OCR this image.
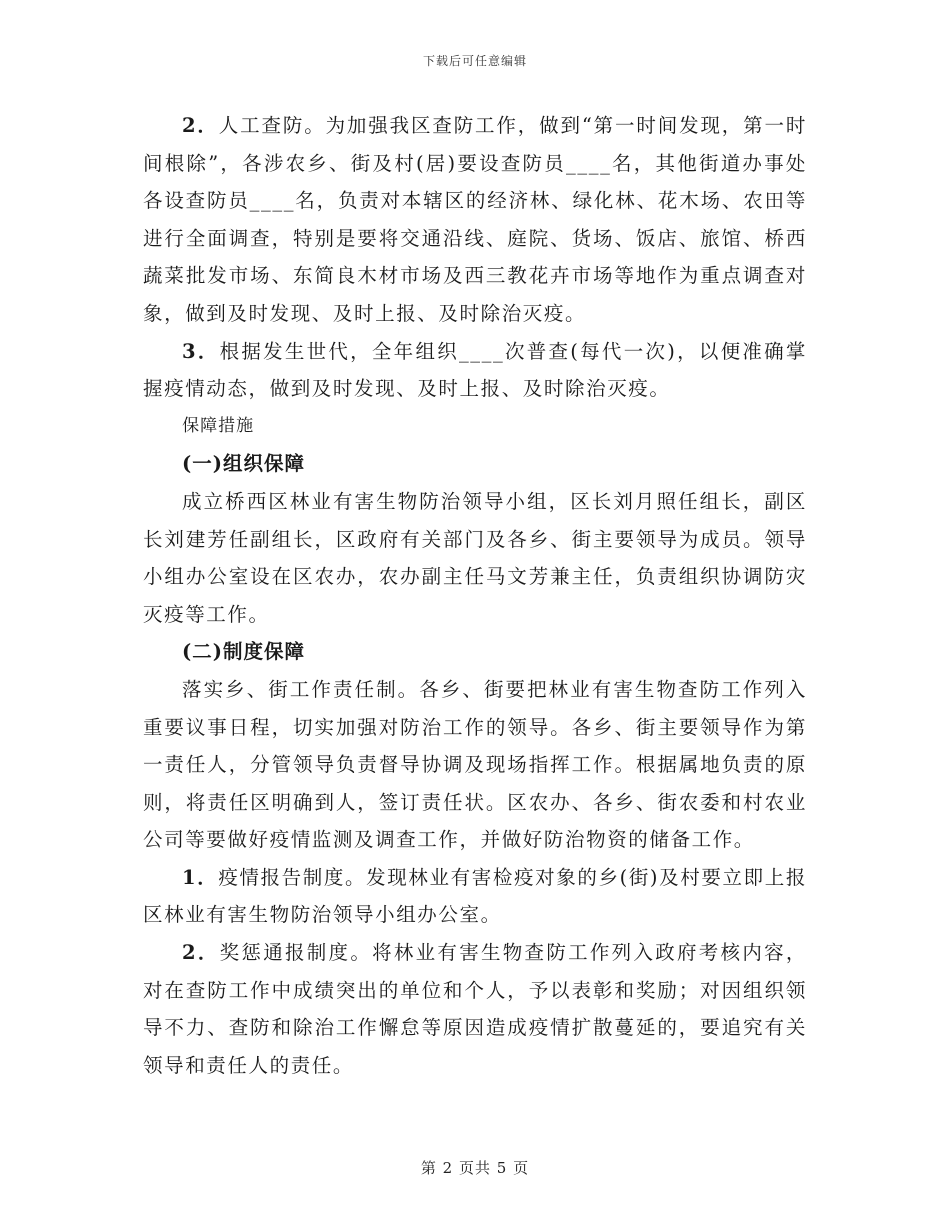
下载后可任意编辑

2．人工查防。为加强我区查防工作，做到“第一时间发现，第一时间根除”，各涉农乡、街及村(居)要设查防员____名，其他街道办事处各设查防员____名，负责对本辖区的经济林、绿化林、花木场、农田等进行全面调查，特别是要将交通沿线、庭院、货场、饭店、旅馆、桥西蔬菜批发市场、东简良木材市场及西三教花卉市场等地作为重点调查对象，做到及时发现、及时上报、及时除治灭疫。

3．根据发生世代，全年组织____次普查(每代一次)，以便准确掌握疫情动态，做到及时发现、及时上报、及时除治灭疫。

保障措施

(一)组织保障

成立桥西区林业有害生物防治领导小组，区长刘月照任组长，副区长刘建芳任副组长，区政府有关部门及各乡、街主要领导为成员。领导小组办公室设在区农办，农办副主任马文芳兼主任，负责组织协调防灾灭疫等工作。

(二)制度保障

落实乡、街工作责任制。各乡、街要把林业有害生物查防工作列入重要议事日程，切实加强对防治工作的领导。各乡、街主要领导作为第一责任人，分管领导负责督导协调及现场指挥工作。根据属地负责的原则，将责任区明确到人，签订责任状。区农办、各乡、街农委和村农业公司等要做好疫情监测及调查工作，并做好防治物资的储备工作。

1．疫情报告制度。发现林业有害检疫对象的乡(街)及村要立即上报区林业有害生物防治领导小组办公室。

2．奖惩通报制度。将林业有害生物查防工作列入政府考核内容，对在查防工作中成绩突出的单位和个人，予以表彰和奖励；对因组织领导不力、查防和除治工作懈怠等原因造成疫情扩散蔓延的，要追究有关领导和责任人的责任。

第 2 页共 5 页
